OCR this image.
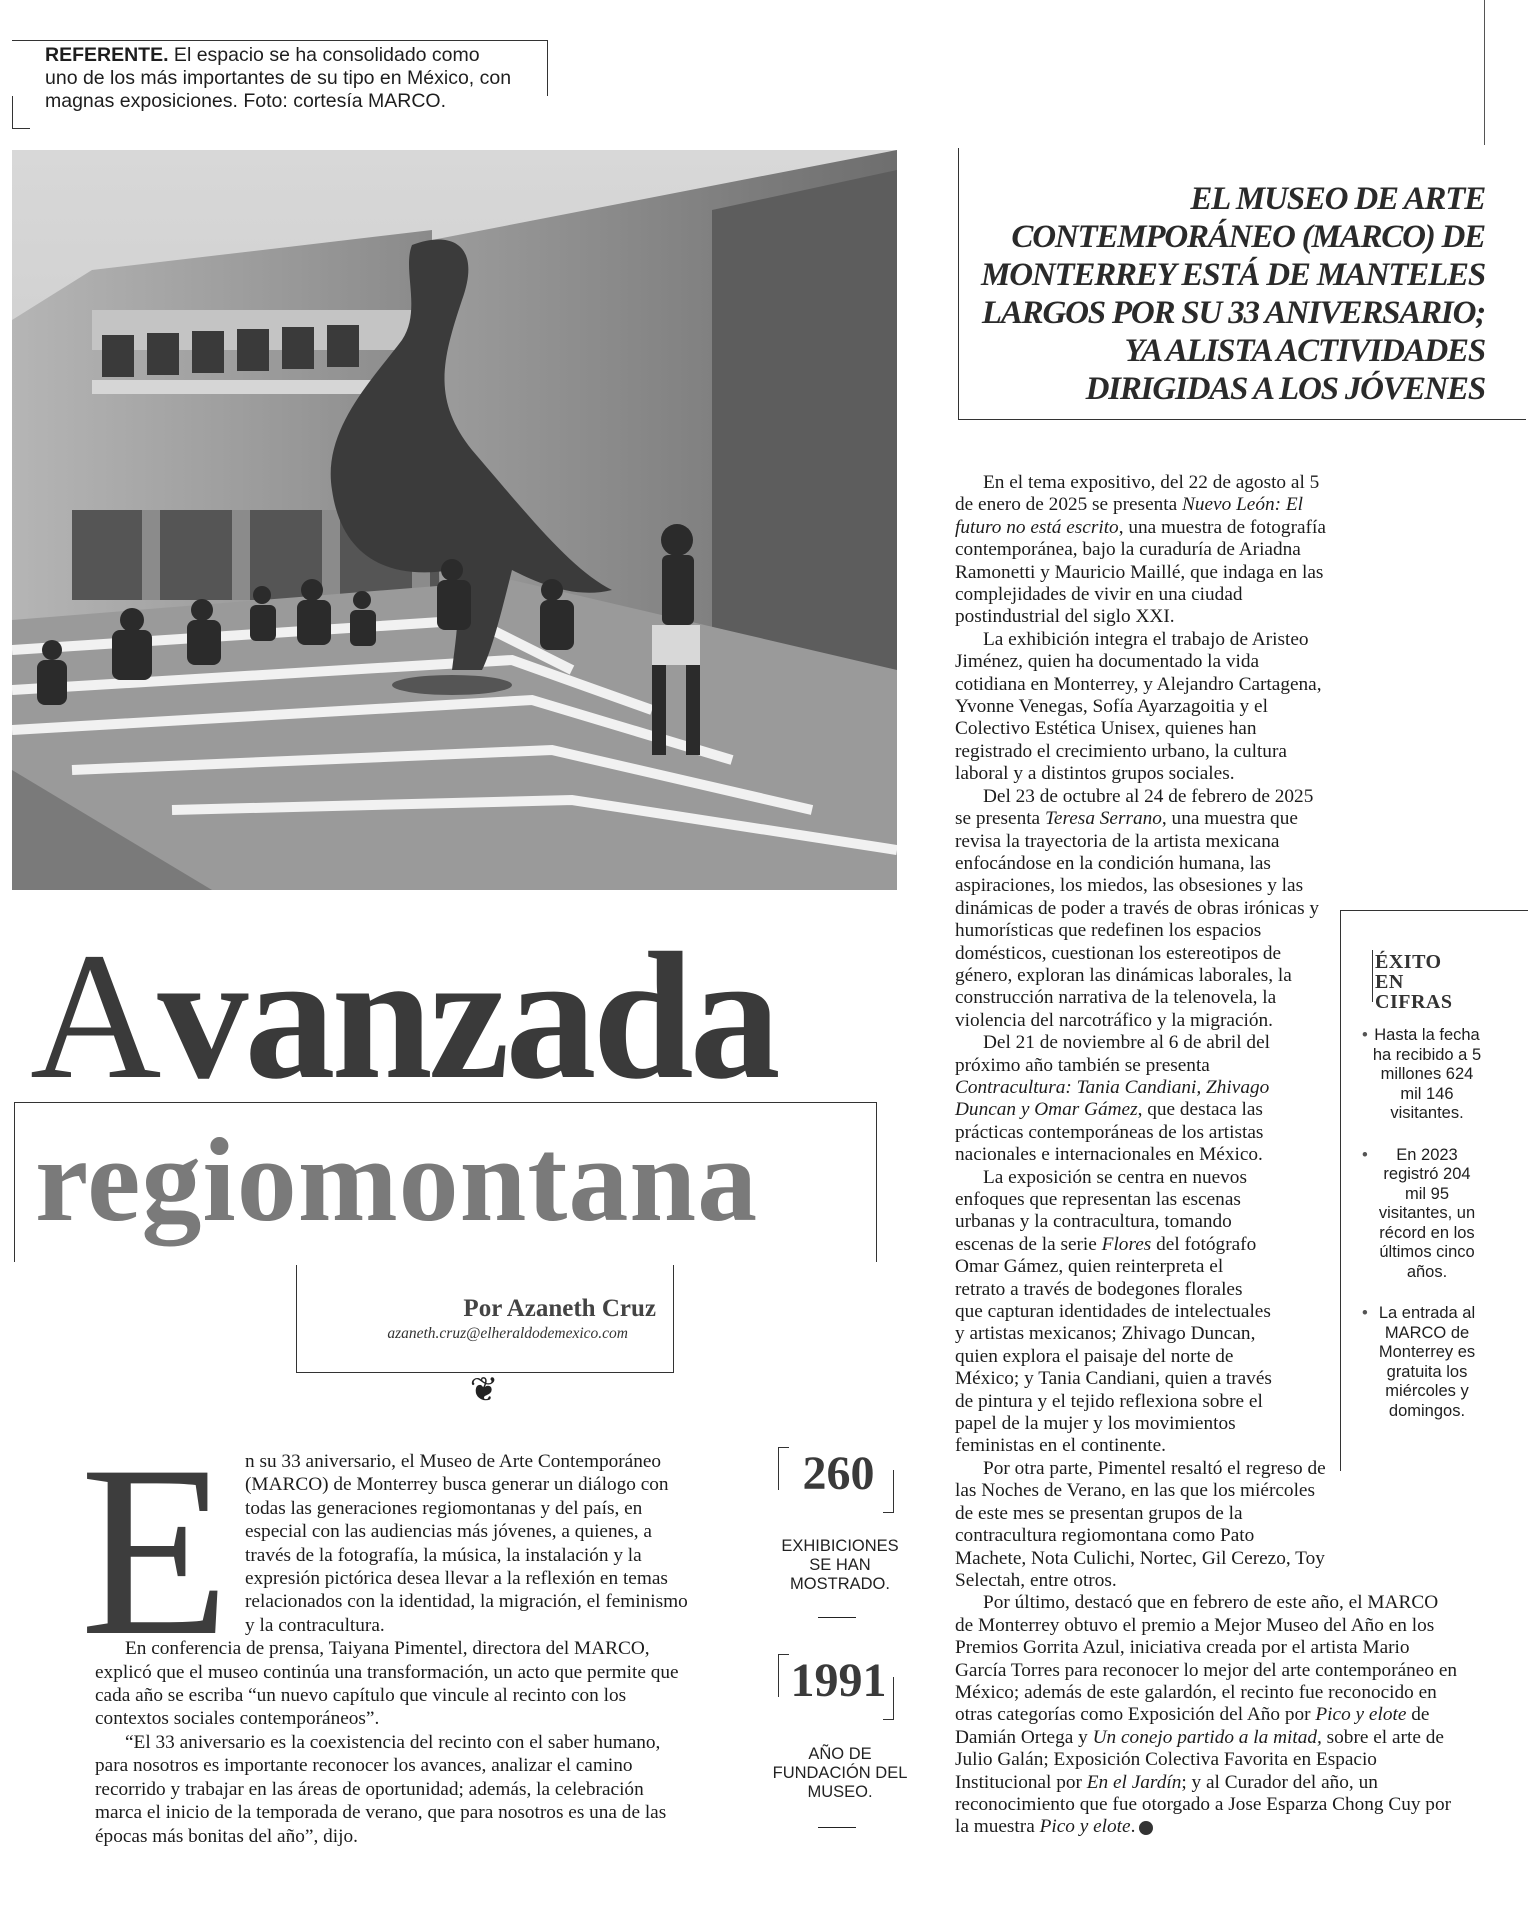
REFERENTE. El espacio se ha consolidado como uno de los más importantes de su tipo en México, con magnas exposiciones. Foto: cortesía MARCO.
EL MUSEO DE ARTE
CONTEMPORÁNEO (MARCO) DE
MONTERREY ESTÁ DE MANTELES
LARGOS POR SU 33 ANIVERSARIO;
YA ALISTA ACTIVIDADES
DIRIGIDAS A LOS JÓVENES
Avanzada
regiomontana
Por Azaneth Cruz
azaneth.cruz@elheraldodemexico.com
❦
E n su 33 aniversario, el Museo de Arte Contemporáneo (MARCO) de Monterrey busca generar un diálogo con todas las generaciones regiomontanas y del país, en especial con las audiencias más jóvenes, a quienes, a través de la fotografía, la música, la instalación y la expresión pictórica desea llevar a la reflexión en temas relacionados con la identidad, la migración, el feminismo y la contracultura.

En conferencia de prensa, Taiyana Pimentel, directora del MARCO, explicó que el museo continúa una transformación, un acto que permite que cada año se escriba “un nuevo capítulo que vincule al recinto con los contextos sociales contemporáneos”.

“El 33 aniversario es la coexistencia del recinto con el saber humano, para nosotros es importante reconocer los avances, analizar el camino recorrido y trabajar en las áreas de oportunidad; además, la celebración marca el inicio de la temporada de verano, que para nosotros es una de las épocas más bonitas del año”, dijo.

260
EXHIBICIONES SE HAN MOSTRADO.
1991
AÑO DE FUNDACIÓN DEL MUSEO.

En el tema expositivo, del 22 de agosto al 5 de enero de 2025 se presenta Nuevo León: El futuro no está escrito, una muestra de fotografía contemporánea, bajo la curaduría de Ariadna Ramonetti y Mauricio Maillé, que indaga en las complejidades de vivir en una ciudad postindustrial del siglo XXI.

La exhibición integra el trabajo de Aristeo Jiménez, quien ha documentado la vida cotidiana en Monterrey, y Alejandro Cartagena, Yvonne Venegas, Sofía Ayarzagoitia y el Colectivo Estética Unisex, quienes han registrado el crecimiento urbano, la cultura laboral y a distintos grupos sociales.

Del 23 de octubre al 24 de febrero de 2025 se presenta Teresa Serrano, una muestra que revisa la trayectoria de la artista mexicana enfocándose en la condición humana, las aspiraciones, los miedos, las obsesiones y las dinámicas de poder a través de obras irónicas y humorísticas que redefinen los espacios domésticos, cuestionan los estereotipos de género, exploran las dinámicas laborales, la construcción narrativa de la telenovela, la violencia del narcotráfico y la migración.

Del 21 de noviembre al 6 de abril del próximo año también se presenta Contracultura: Tania Candiani, Zhivago Duncan y Omar Gámez, que destaca las prácticas contemporáneas de los artistas nacionales e internacionales en México.

La exposición se centra en nuevos enfoques que representan las escenas urbanas y la contracultura, tomando escenas de la serie Flores del fotógrafo Omar Gámez, quien reinterpreta el retrato a través de bodegones florales que capturan identidades de intelectuales y artistas mexicanos; Zhivago Duncan, quien explora el paisaje del norte de México; y Tania Candiani, quien a través de pintura y el tejido reflexiona sobre el papel de la mujer y los movimientos feministas en el continente.

Por otra parte, Pimentel resaltó el regreso de las Noches de Verano, en las que los miércoles de este mes se presentan grupos de la contracultura regiomontana como Pato Machete, Nota Culichi, Nortec, Gil Cerezo, Toy Selectah, entre otros.

Por último, destacó que en febrero de este año, el MARCO de Monterrey obtuvo el premio a Mejor Museo del Año en los Premios Gorrita Azul, iniciativa creada por el artista Mario García Torres para reconocer lo mejor del arte contemporáneo en México; además de este galardón, el recinto fue reconocido en otras categorías como Exposición del Año por Pico y elote de Damián Ortega y Un conejo partido a la mitad, sobre el arte de Julio Galán; Exposición Colectiva Favorita en Espacio Institucional por En el Jardín; y al Curador del año, un reconocimiento que fue otorgado a Jose Esparza Chong Cuy por la muestra Pico y elote.

ÉXITO
EN
CIFRAS
• Hasta la fecha ha recibido a 5 millones 624 mil 146 visitantes.
• En 2023 registró 204 mil 95 visitantes, un récord en los últimos cinco años.
• La entrada al MARCO de Monterrey es gratuita los miércoles y domingos.
